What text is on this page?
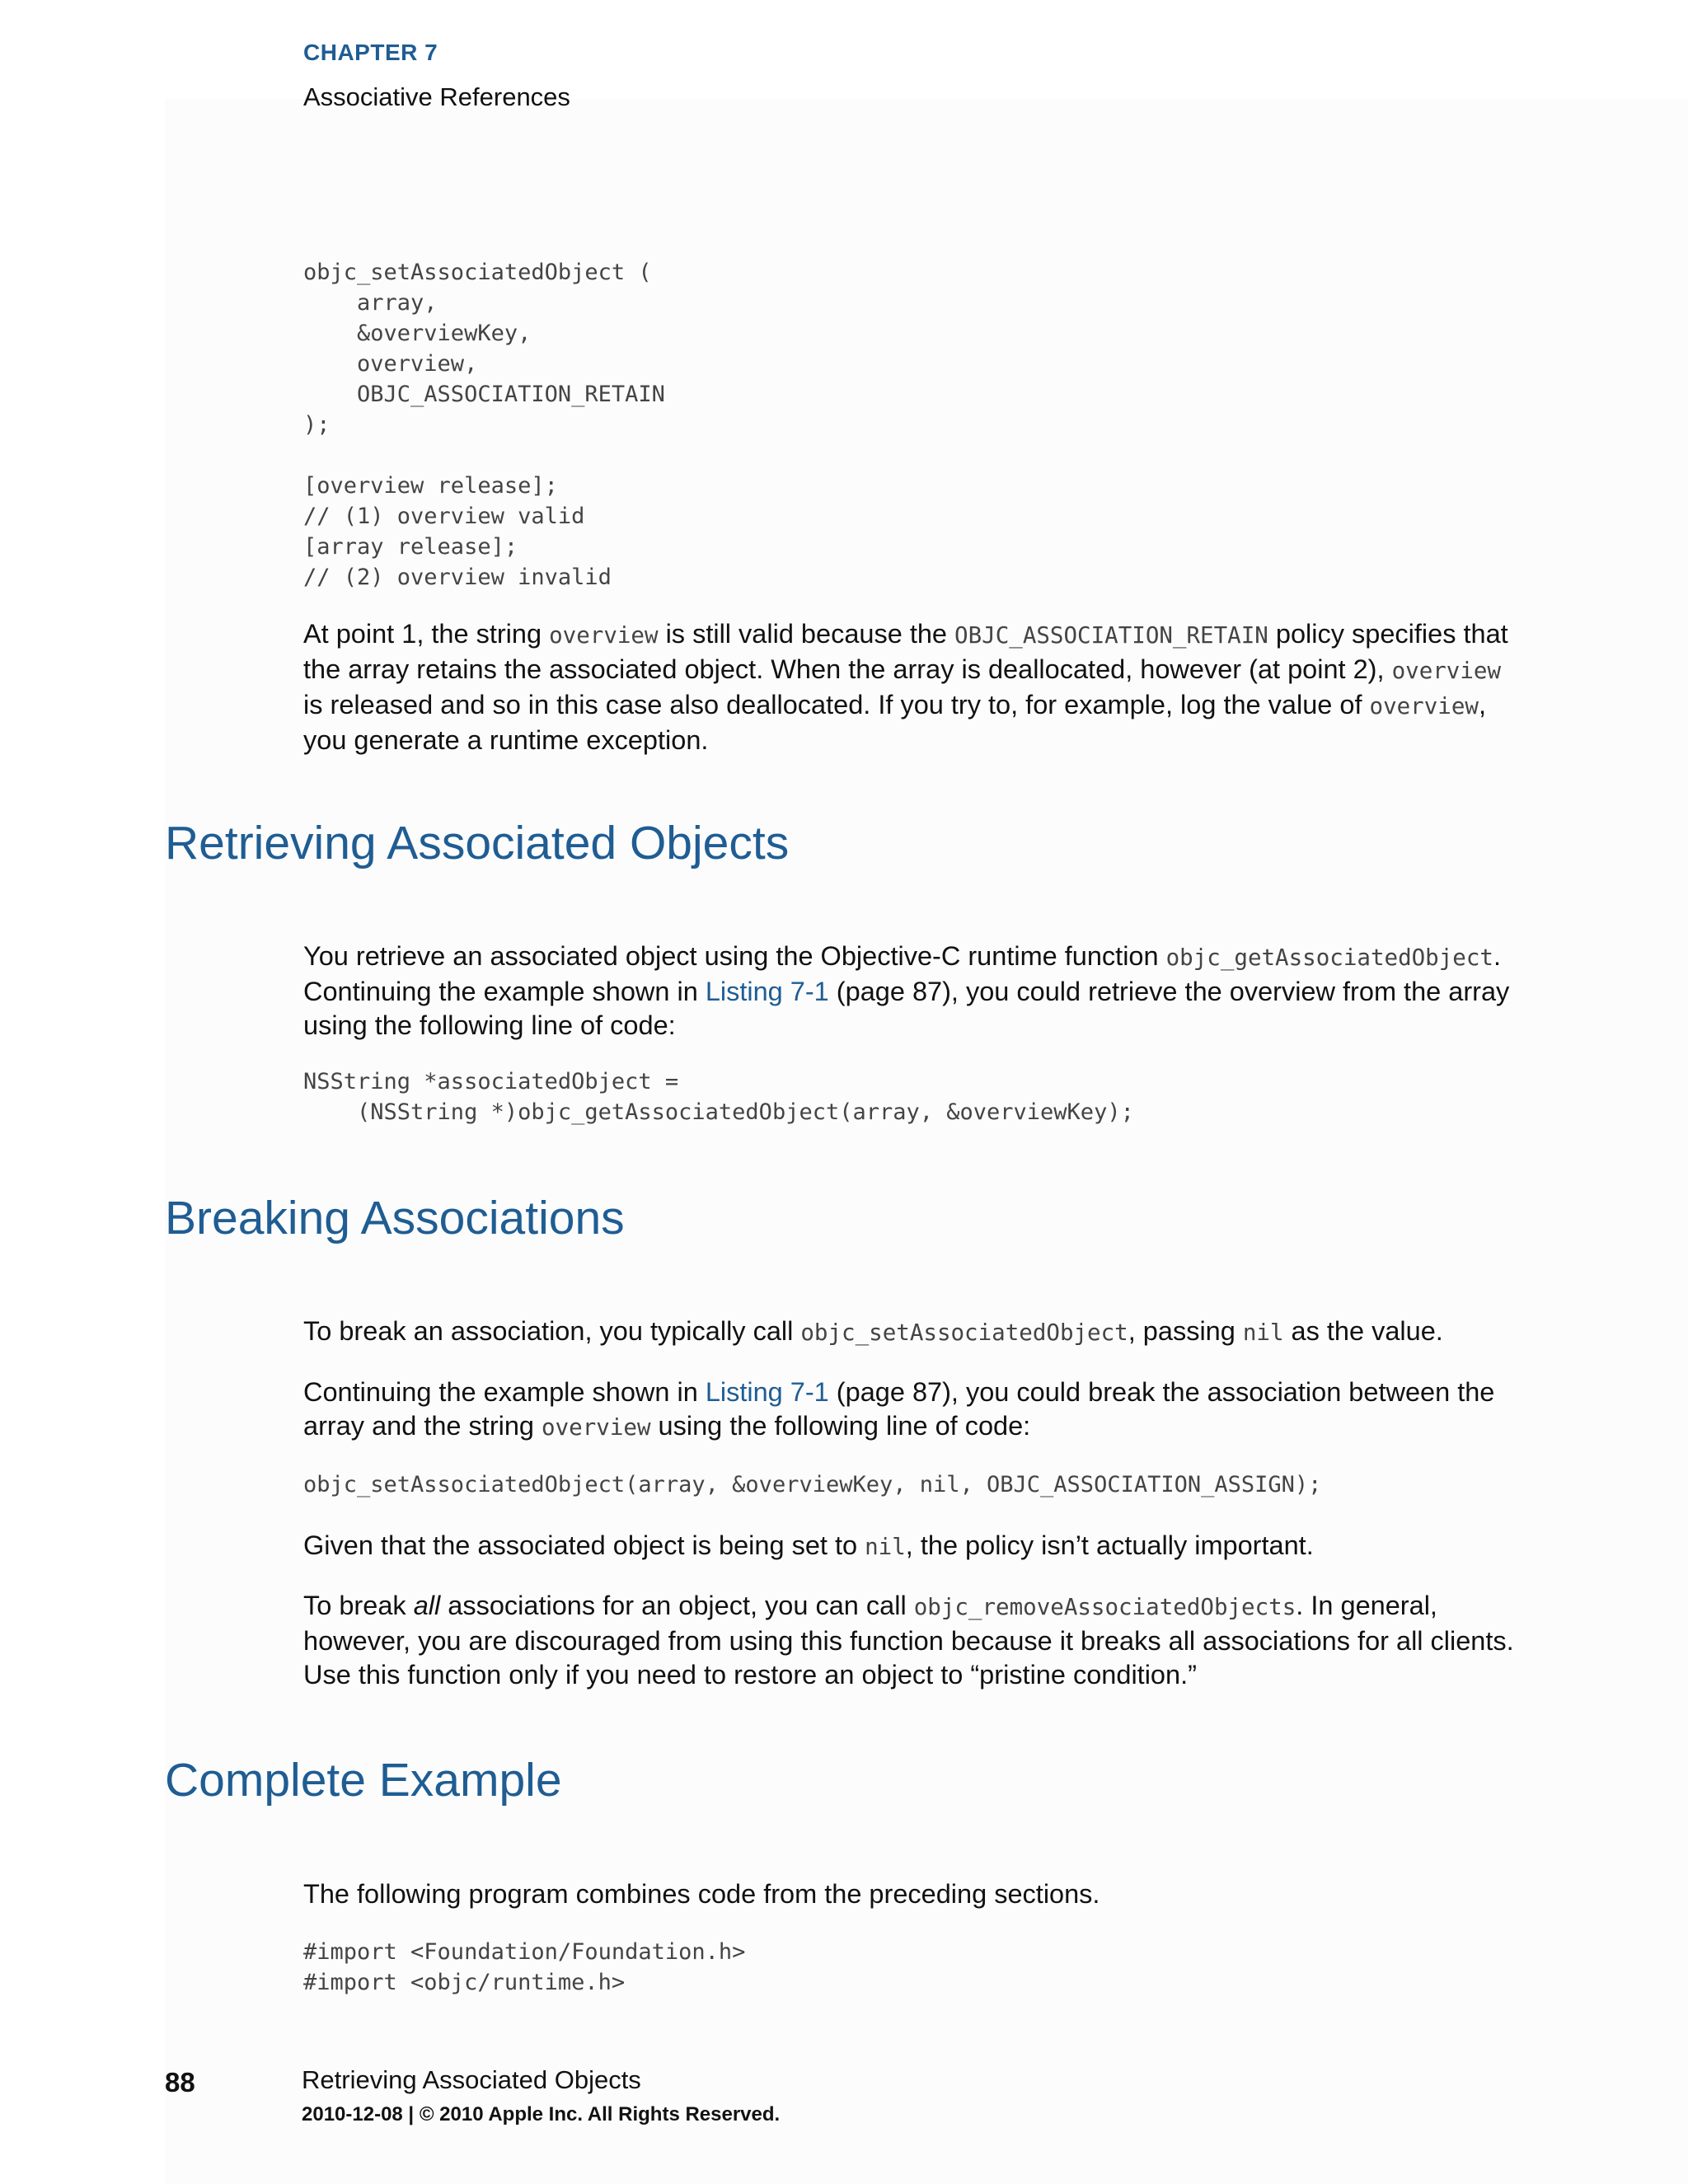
CHAPTER 7
Associative References
objc_setAssociatedObject (
array,
&overviewKey,
overview,
OBJC_ASSOCIATION_RETAIN
);

[overview release];
// (1) overview valid
[array release];
// (2) overview invalid

At point 1, the string overview is still valid because the OBJC_ASSOCIATION_RETAIN policy specifies that the array retains the associated object. When the array is deallocated, however (at point 2), overview is released and so in this case also deallocated. If you try to, for example, log the value of overview, you generate a runtime exception.

Retrieving Associated Objects

You retrieve an associated object using the Objective-C runtime function objc_getAssociatedObject. Continuing the example shown in Listing 7-1 (page 87), you could retrieve the overview from the array using the following line of code:

NSString *associatedObject =
(NSString *)objc_getAssociatedObject(array, &overviewKey);
Breaking Associations

To break an association, you typically call objc_setAssociatedObject, passing nil as the value.

Continuing the example shown in Listing 7-1 (page 87), you could break the association between the array and the string overview using the following line of code:

objc_setAssociatedObject(array, &overviewKey, nil, OBJC_ASSOCIATION_ASSIGN);

Given that the associated object is being set to nil, the policy isn’t actually important.

To break all associations for an object, you can call objc_removeAssociatedObjects. In general, however, you are discouraged from using this function because it breaks all associations for all clients. Use this function only if you need to restore an object to “pristine condition.”

Complete Example

The following program combines code from the preceding sections.

#import <Foundation/Foundation.h>
#import <objc/runtime.h>
88	Retrieving Associated Objects
2010-12-08 | © 2010 Apple Inc. All Rights Reserved.
